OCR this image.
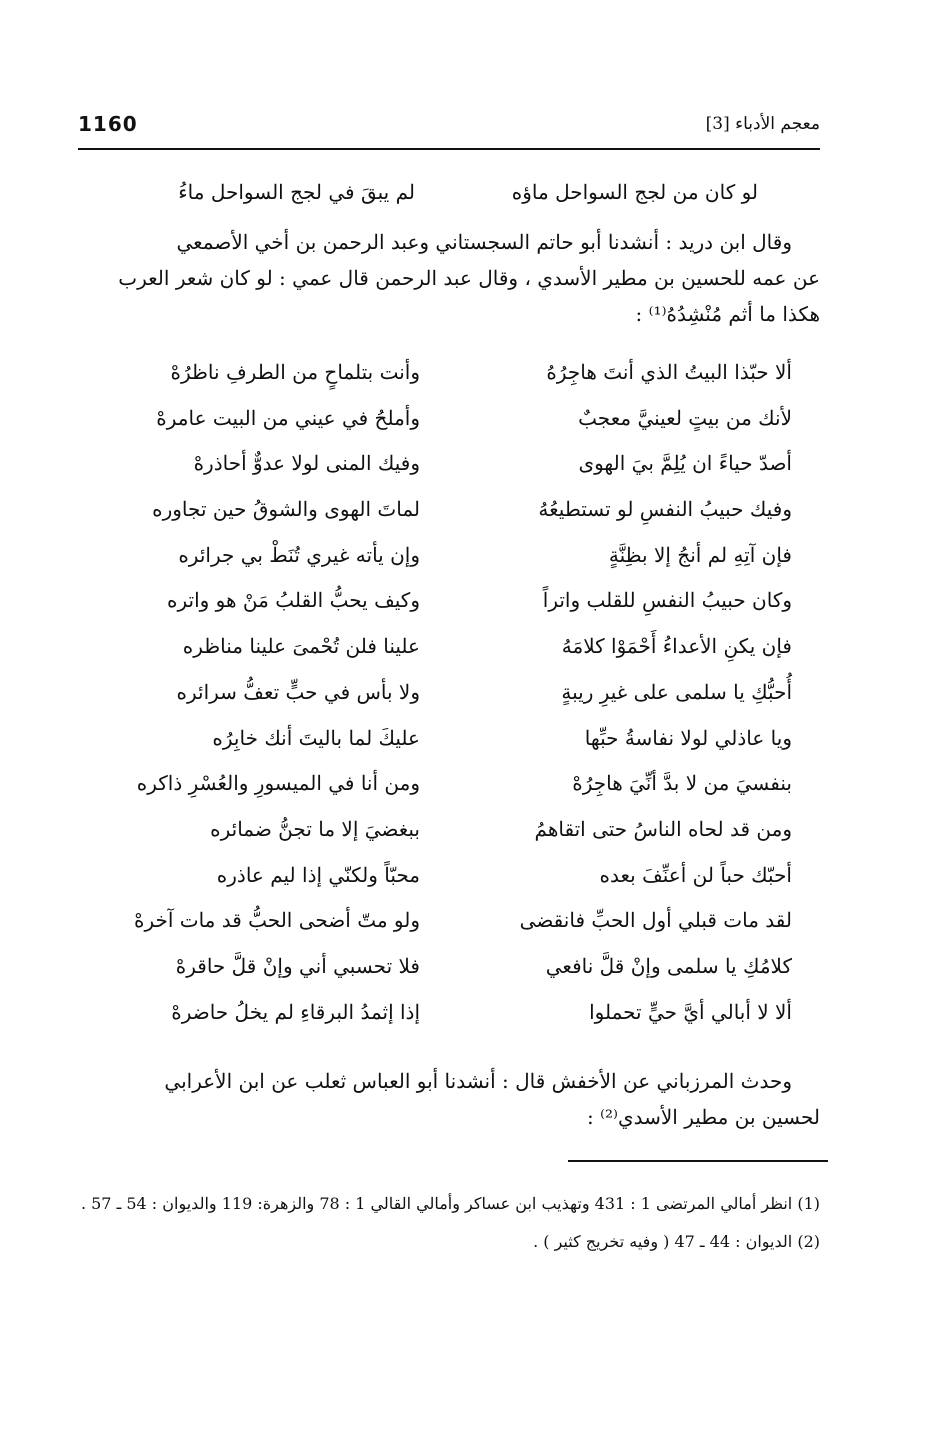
1160	معجم الأدباء [3]
لو كان من لجج السواحل ماؤه
لم يبقَ في لجج السواحل ماءُ

وقال ابن دريد : أنشدنا أبو حاتم السجستاني وعبد الرحمن بن أخي الأصمعي

عن عمه للحسين بن مطير الأسدي ، وقال عبد الرحمن قال عمي : لو كان شعر العرب

هكذا ما أثم مُنْشِدُهُ⁽¹⁾ :

ألا حبّذا البيتُ الذي أنتَ هاجِرُهُ
وأنت بتلماحٍ من الطرفِ ناظرُهْ
لأنك من بيتٍ لعينيَّ معجبٌ
وأملحُ في عيني من البيت عامرهْ
أصدّ حياءً ان يُلِمَّ بيَ الهوى
وفيك المنى لولا عدوٌّ أحاذرهْ
وفيك حبيبُ النفسِ لو تستطيعُهُ
لماتَ الهوى والشوقُ حين تجاوره
فإن آتِهِ لم أنجُ إلا بظِنَّةٍ
وإن يأته غيري تُنَطْ بي جرائره
وكان حبيبُ النفسِ للقلب واتراً
وكيف يحبُّ القلبُ مَنْ هو واتره
فإن يكنِ الأعداءُ أَحْمَوْا كلامَهُ
علينا فلن تُحْمىَ علينا مناظره
أُحبُّكِ يا سلمى على غيرِ ريبةٍ
ولا بأس في حبٍّ تعفُّ سرائره
ويا عاذلي لولا نفاسةُ حبِّها
عليكَ لما باليتَ أنك خابِرُه
بنفسيَ من لا بدَّ أنِّيَ هاجِرُهْ
ومن أنا في الميسورِ والعُسْرِ ذاكره
ومن قد لحاه الناسُ حتى اتقاهمُ
ببغضيَ إلا ما تجنُّ ضمائره
أحبّك حباً لن أعنِّفَ بعده
محبّاً ولكنّي إذا ليم عاذره
لقد مات قبلي أول الحبِّ فانقضى
ولو متّ أضحى الحبُّ قد مات آخرهْ
كلامُكِ يا سلمى وإنْ قلَّ نافعي
فلا تحسبي أني وإنْ قلَّ حاقرهْ
ألا لا أبالي أيَّ حيٍّ تحملوا
إذا إثمدُ البرقاءِ لم يخلُ حاضرهْ

وحدث المرزباني عن الأخفش قال : أنشدنا أبو العباس ثعلب عن ابن الأعرابي

لحسين بن مطير الأسدي⁽²⁾ :

(1) انظر أمالي المرتضى 1 : 431 وتهذيب ابن عساكر وأمالي القالي 1 : 78 والزهرة: 119 والديوان : 54 ـ 57 .

(2) الديوان : 44 ـ 47 ( وفيه تخريج كثير ) .
